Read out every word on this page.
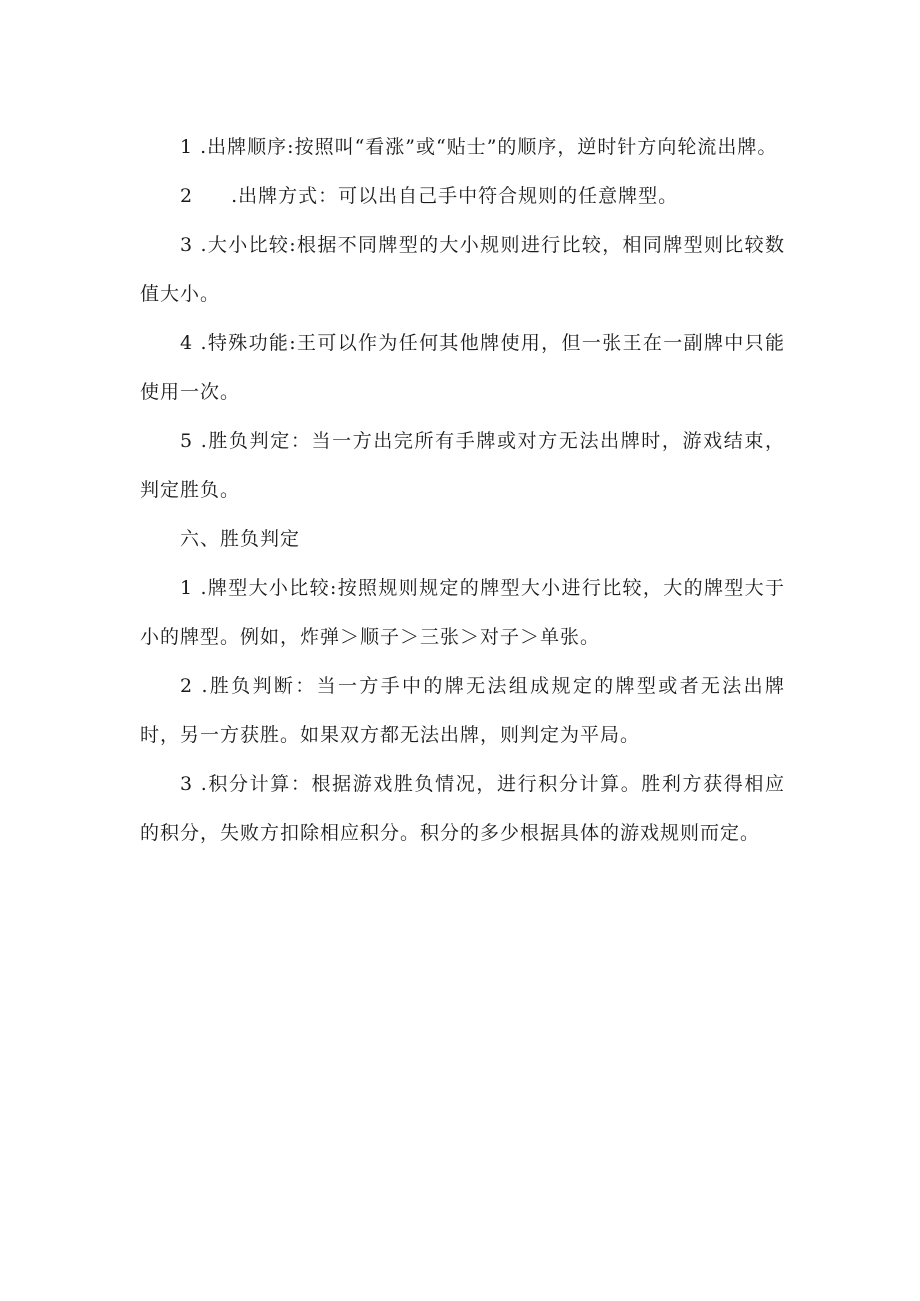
1 .出牌顺序:按照叫“看涨”或“贴士”的顺序，逆时针方向轮流出牌。

2 .出牌方式：可以出自己手中符合规则的任意牌型。

3 .大小比较:根据不同牌型的大小规则进行比较，相同牌型则比较数值大小。

4 .特殊功能:王可以作为任何其他牌使用，但一张王在一副牌中只能使用一次。

5 .胜负判定：当一方出完所有手牌或对方无法出牌时，游戏结束，判定胜负。

六、胜负判定

1 .牌型大小比较:按照规则规定的牌型大小进行比较，大的牌型大于小的牌型。例如，炸弹＞顺子＞三张＞对子＞单张。

2 .胜负判断：当一方手中的牌无法组成规定的牌型或者无法出牌时，另一方获胜。如果双方都无法出牌，则判定为平局。

3 .积分计算：根据游戏胜负情况，进行积分计算。胜利方获得相应的积分，失败方扣除相应积分。积分的多少根据具体的游戏规则而定。
